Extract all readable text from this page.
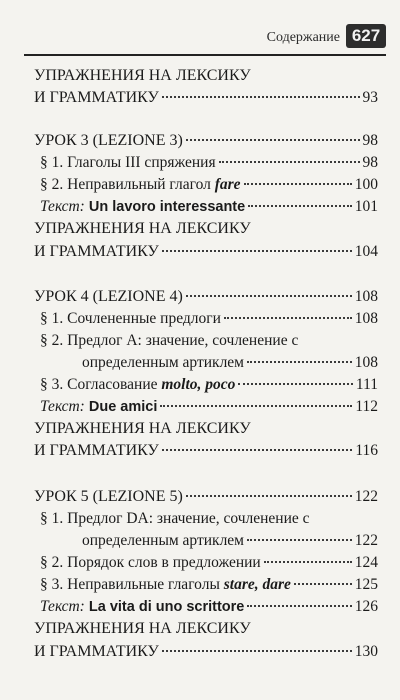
Содержание 627
УПРАЖНЕНИЯ НА ЛЕКСИКУ
И ГРАММАТИКУ	93
УРОК 3 (LEZIONE 3)	98
§ 1. Глаголы III спряжения	98
§ 2. Неправильный глагол fare	100
Текст: Un lavoro interessante	101
УПРАЖНЕНИЯ НА ЛЕКСИКУ
И ГРАММАТИКУ	104
УРОК 4 (LEZIONE 4)	108
§ 1. Сочлененные предлоги	108
§ 2. Предлог А: значение, сочленение с
определенным артиклем	108
§ 3. Согласование molto, poco	111
Текст: Due amici	112
УПРАЖНЕНИЯ НА ЛЕКСИКУ
И ГРАММАТИКУ	116
УРОК 5 (LEZIONE 5)	122
§ 1. Предлог DA: значение, сочленение с
определенным артиклем	122
§ 2. Порядок слов в предложении	124
§ 3. Неправильные глаголы stare, dare	125
Текст: La vita di uno scrittore	126
УПРАЖНЕНИЯ НА ЛЕКСИКУ
И ГРАММАТИКУ	130
